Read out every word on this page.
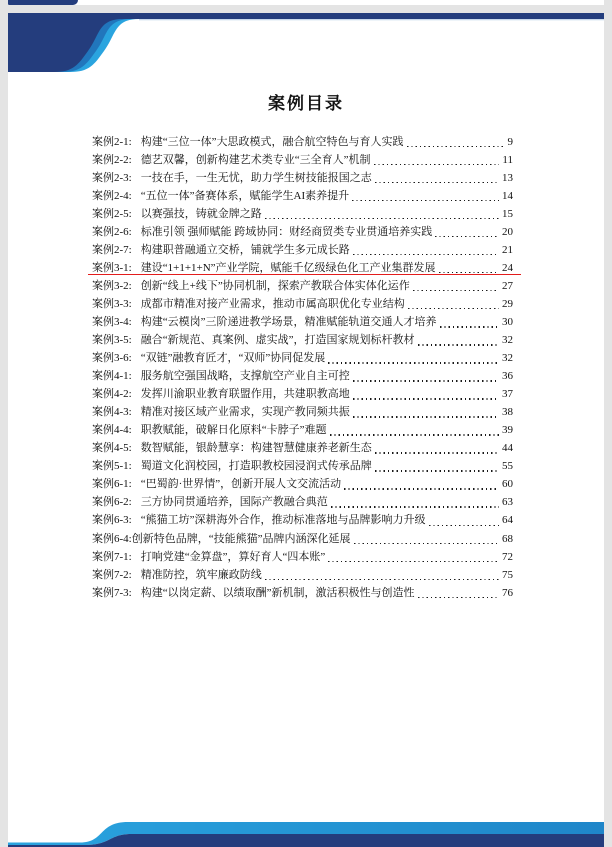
案例目录
案例2-1: 构建“三位一体”大思政模式，融合航空特色与育人实践	9
案例2-2: 德艺双馨，创新构建艺术类专业“三全育人”机制	11
案例2-3: 一技在手，一生无忧，助力学生树技能报国之志	13
案例2-4: “五位一体”备赛体系，赋能学生AI素养提升	14
案例2-5: 以赛强技，铸就金牌之路	15
案例2-6: 标准引领 强师赋能 跨域协同：财经商贸类专业贯通培养实践	20
案例2-7: 构建职普融通立交桥，铺就学生多元成长路	21
案例3-1: 建设“1+1+1+N”产业学院，赋能千亿级绿色化工产业集群发展	24
案例3-2: 创新“线上+线下”协同机制，探索产教联合体实体化运作	27
案例3-3: 成都市精准对接产业需求，推动市属高职优化专业结构	29
案例3-4: 构建“云模岗”三阶递进教学场景，精准赋能轨道交通人才培养	30
案例3-5: 融合“新规范、真案例、虚实战”，打造国家规划标杆教材	32
案例3-6: “双链”融教育匠才，“双师”协同促发展	32
案例4-1: 服务航空强国战略，支撑航空产业自主可控	36
案例4-2: 发挥川渝职业教育联盟作用，共建职教高地	37
案例4-3: 精准对接区域产业需求，实现产教同频共振	38
案例4-4: 职教赋能，破解日化原料“卡脖子”难题	39
案例4-5: 数智赋能，银龄慧享：构建智慧健康养老新生态	44
案例5-1: 蜀道文化润校园，打造职教校园浸润式传承品牌	55
案例6-1: “巴蜀韵·世界情”，创新开展人文交流活动	60
案例6-2: 三方协同贯通培养，国际产教融合典范	63
案例6-3: “熊猫工坊”深耕海外合作，推动标准落地与品牌影响力升级	64
案例6-4: 创新特色品牌，“技能熊猫”品牌内涵深化延展	68
案例7-1: 打响党建“金算盘”，算好育人“四本账”	72
案例7-2: 精准防控，筑牢廉政防线	75
案例7-3: 构建“以岗定薪、以绩取酬”新机制，激活积极性与创造性	76
